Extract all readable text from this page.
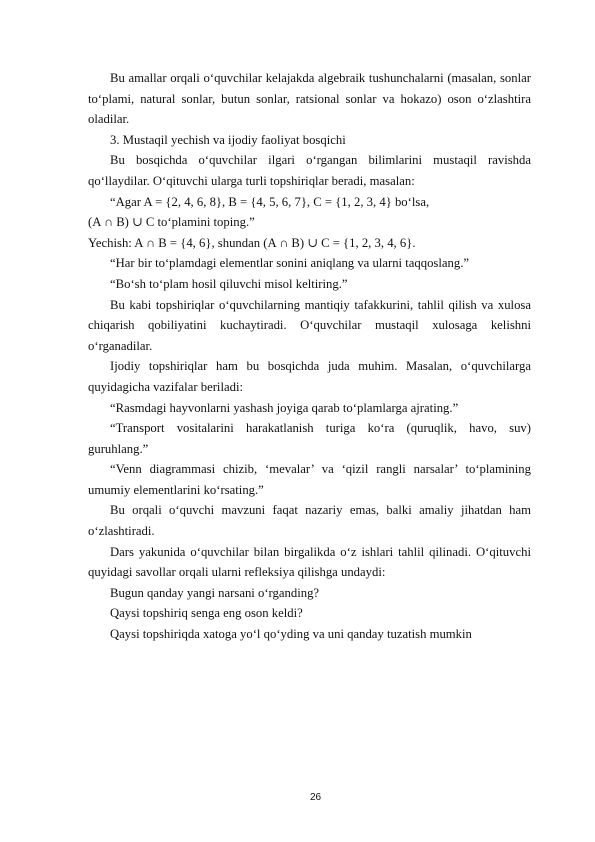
Bu amallar orqali o‘quvchilar kelajakda algebraik tushunchalarni (masalan, sonlar to‘plami, natural sonlar, butun sonlar, ratsional sonlar va hokazo) oson o‘zlashtira oladilar.

3. Mustaqil yechish va ijodiy faoliyat bosqichi

Bu bosqichda o‘quvchilar ilgari o‘rgangan bilimlarini mustaqil ravishda qo‘llaydilar. O‘qituvchi ularga turli topshiriqlar beradi, masalan:

“Agar A = {2, 4, 6, 8}, B = {4, 5, 6, 7}, C = {1, 2, 3, 4} bo‘lsa,

(A ∩ B) ∪ C to‘plamini toping.”

Yechish: A ∩ B = {4, 6}, shundan (A ∩ B) ∪ C = {1, 2, 3, 4, 6}.

“Har bir to‘plamdagi elementlar sonini aniqlang va ularni taqqoslang.”

“Bo‘sh to‘plam hosil qiluvchi misol keltiring.”

Bu kabi topshiriqlar o‘quvchilarning mantiqiy tafakkurini, tahlil qilish va xulosa chiqarish qobiliyatini kuchaytiradi. O‘quvchilar mustaqil xulosaga kelishni o‘rganadilar.

Ijodiy topshiriqlar ham bu bosqichda juda muhim. Masalan, o‘quvchilarga quyidagicha vazifalar beriladi:

“Rasmdagi hayvonlarni yashash joyiga qarab to‘plamlarga ajrating.”

“Transport vositalarini harakatlanish turiga ko‘ra (quruqlik, havo, suv) guruhlang.”

“Venn diagrammasi chizib, ‘mevalar’ va ‘qizil rangli narsalar’ to‘plamining umumiy elementlarini ko‘rsating.”

Bu orqali o‘quvchi mavzuni faqat nazariy emas, balki amaliy jihatdan ham o‘zlashtiradi.

Dars yakunida o‘quvchilar bilan birgalikda o‘z ishlari tahlil qilinadi. O‘qituvchi quyidagi savollar orqali ularni refleksiya qilishga undaydi:

Bugun qanday yangi narsani o‘rganding?

Qaysi topshiriq senga eng oson keldi?

Qaysi topshiriqda xatoga yo‘l qo‘yding va uni qanday tuzatish mumkin

26
